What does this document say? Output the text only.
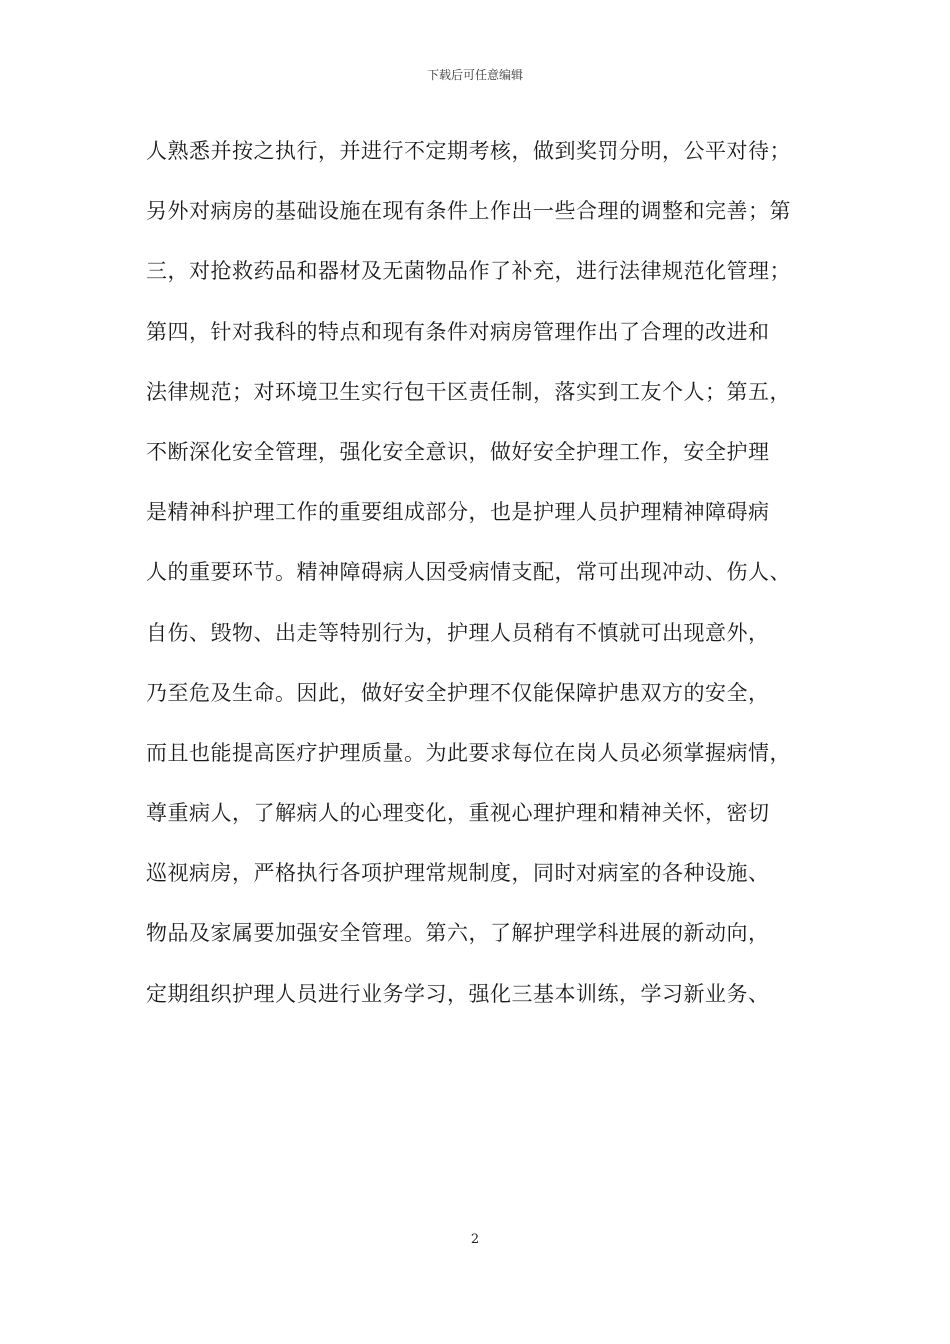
下载后可任意编辑
人熟悉并按之执行，并进行不定期考核，做到奖罚分明，公平对待；
另外对病房的基础设施在现有条件上作出一些合理的调整和完善；第
三，对抢救药品和器材及无菌物品作了补充，进行法律规范化管理；
第四，针对我科的特点和现有条件对病房管理作出了合理的改进和
法律规范；对环境卫生实行包干区责任制，落实到工友个人；第五，
不断深化安全管理，强化安全意识，做好安全护理工作，安全护理
是精神科护理工作的重要组成部分，也是护理人员护理精神障碍病
人的重要环节。精神障碍病人因受病情支配，常可出现冲动、伤人、
自伤、毁物、出走等特别行为，护理人员稍有不慎就可出现意外，
乃至危及生命。因此，做好安全护理不仅能保障护患双方的安全，
而且也能提高医疗护理质量。为此要求每位在岗人员必须掌握病情，
尊重病人，了解病人的心理变化，重视心理护理和精神关怀，密切
巡视病房，严格执行各项护理常规制度，同时对病室的各种设施、
物品及家属要加强安全管理。第六，了解护理学科进展的新动向，
定期组织护理人员进行业务学习，强化三基本训练，学习新业务、
2
